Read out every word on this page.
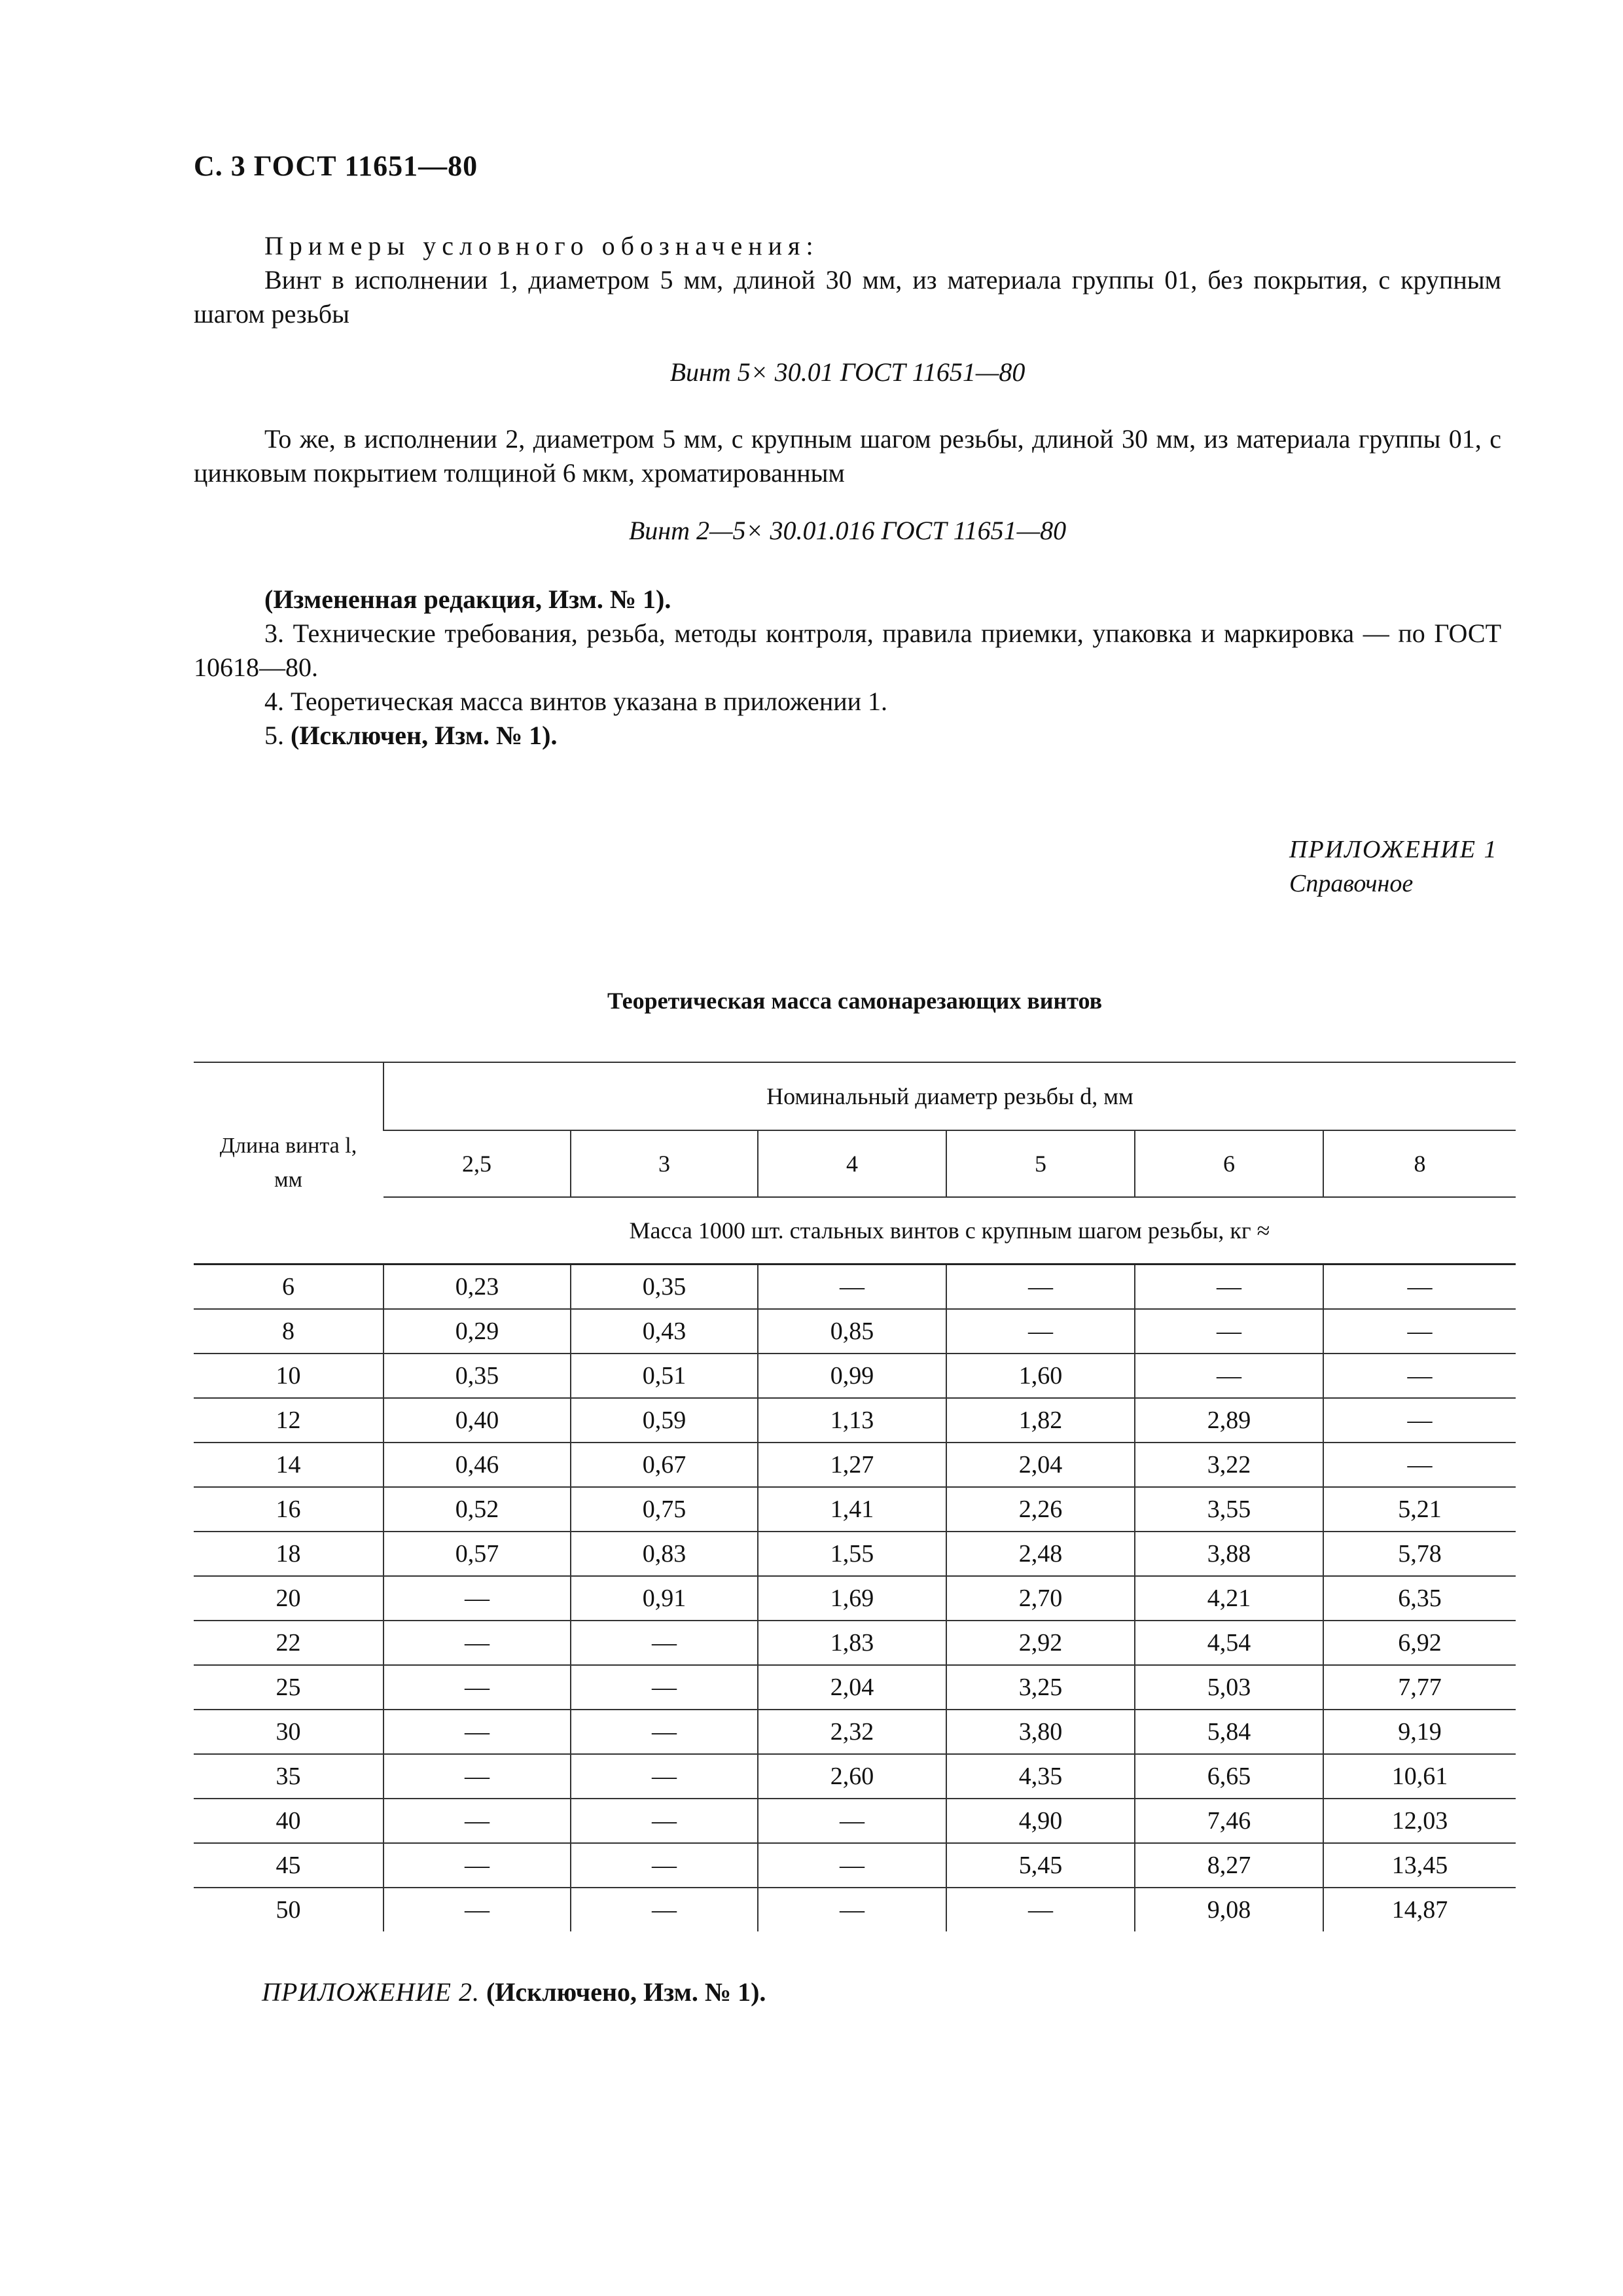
С. 3 ГОСТ 11651—80
Примеры условного обозначения:
Винт в исполнении 1, диаметром 5 мм, длиной 30 мм, из материала группы 01, без покрытия, с крупным шагом резьбы
Винт 5× 30.01 ГОСТ 11651—80
То же, в исполнении 2, диаметром 5 мм, с крупным шагом резьбы, длиной 30 мм, из материала группы 01, с цинковым покрытием толщиной 6 мкм, хроматированным
Винт 2—5× 30.01.016 ГОСТ 11651—80
(Измененная редакция, Изм. № 1).
3. Технические требования, резьба, методы контроля, правила приемки, упаковка и маркировка — по ГОСТ 10618—80.
4. Теоретическая масса винтов указана в приложении 1.
5. (Исключен, Изм. № 1).
ПРИЛОЖЕНИЕ 1
Справочное
Теоретическая масса самонарезающих винтов
Длина винта l,
мм	Номинальный диаметр резьбы d, мм					
	2,5	3	4	5	6	8
	Масса 1000 шт. стальных винтов с крупным шагом резьбы, кг ≈					
6	0,23	0,35	—	—	—	—
8	0,29	0,43	0,85	—	—	—
10	0,35	0,51	0,99	1,60	—	—
12	0,40	0,59	1,13	1,82	2,89	—
14	0,46	0,67	1,27	2,04	3,22	—
16	0,52	0,75	1,41	2,26	3,55	5,21
18	0,57	0,83	1,55	2,48	3,88	5,78
20	—	0,91	1,69	2,70	4,21	6,35
22	—	—	1,83	2,92	4,54	6,92
25	—	—	2,04	3,25	5,03	7,77
30	—	—	2,32	3,80	5,84	9,19
35	—	—	2,60	4,35	6,65	10,61
40	—	—	—	4,90	7,46	12,03
45	—	—	—	5,45	8,27	13,45
50	—	—	—	—	9,08	14,87
ПРИЛОЖЕНИЕ 2. (Исключено, Изм. № 1).
